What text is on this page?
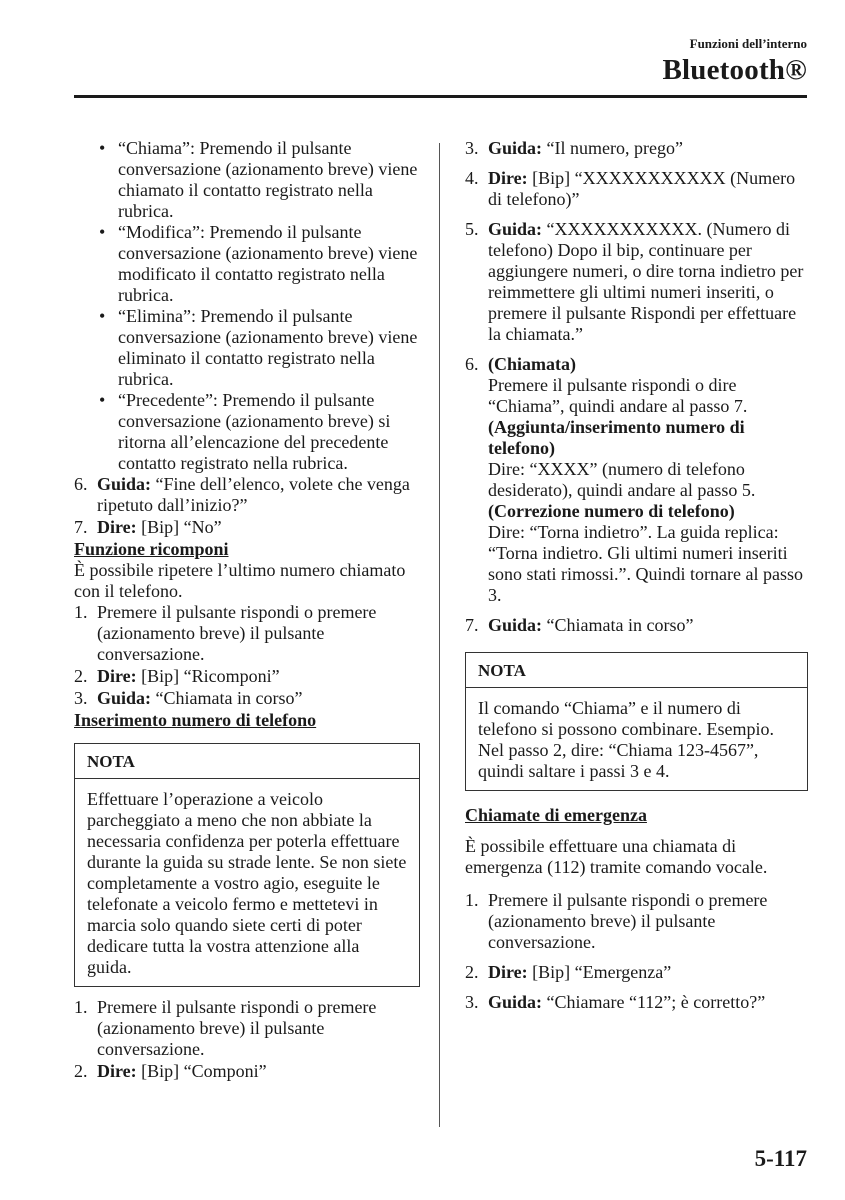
Funzioni dell’interno
Bluetooth®
• “Chiama”: Premendo il pulsante conversazione (azionamento breve) viene chiamato il contatto registrato nella rubrica.
• “Modifica”: Premendo il pulsante conversazione (azionamento breve) viene modificato il contatto registrato nella rubrica.
• “Elimina”: Premendo il pulsante conversazione (azionamento breve) viene eliminato il contatto registrato nella rubrica.
• “Precedente”: Premendo il pulsante conversazione (azionamento breve) si ritorna all’elencazione del precedente contatto registrato nella rubrica.
6. Guida: “Fine dell’elenco, volete che venga ripetuto dall’inizio?”
7. Dire: [Bip] “No”
Funzione ricomponi

È possibile ripetere l’ultimo numero chiamato con il telefono.

1. Premere il pulsante rispondi o premere (azionamento breve) il pulsante conversazione.
2. Dire: [Bip] “Ricomponi”
3. Guida: “Chiamata in corso”
Inserimento numero di telefono
NOTA
Effettuare l’operazione a veicolo parcheggiato a meno che non abbiate la necessaria confidenza per poterla effettuare durante la guida su strade lente. Se non siete completamente a vostro agio, eseguite le telefonate a veicolo fermo e mettetevi in marcia solo quando siete certi di poter dedicare tutta la vostra attenzione alla guida.
1. Premere il pulsante rispondi o premere (azionamento breve) il pulsante conversazione.
2. Dire: [Bip] “Componi”
3. Guida: “Il numero, prego”
4. Dire: [Bip] “XXXXXXXXXXX (Numero di telefono)”
5. Guida: “XXXXXXXXXXX. (Numero di telefono) Dopo il bip, continuare per aggiungere numeri, o dire torna indietro per reimmettere gli ultimi numeri inseriti, o premere il pulsante Rispondi per effettuare la chiamata.”
6. (Chiamata)
Premere il pulsante rispondi o dire “Chiama”, quindi andare al passo 7.
(Aggiunta/inserimento numero di telefono)
Dire: “XXXX” (numero di telefono desiderato), quindi andare al passo 5.
(Correzione numero di telefono)
Dire: “Torna indietro”. La guida replica: “Torna indietro. Gli ultimi numeri inseriti sono stati rimossi.”. Quindi tornare al passo 3.
7. Guida: “Chiamata in corso”
NOTA
Il comando “Chiama” e il numero di telefono si possono combinare. Esempio. Nel passo 2, dire: “Chiama 123-4567”, quindi saltare i passi 3 e 4.
Chiamate di emergenza

È possibile effettuare una chiamata di emergenza (112) tramite comando vocale.

1. Premere il pulsante rispondi o premere (azionamento breve) il pulsante conversazione.
2. Dire: [Bip] “Emergenza”
3. Guida: “Chiamare “112”; è corretto?”
5-117
